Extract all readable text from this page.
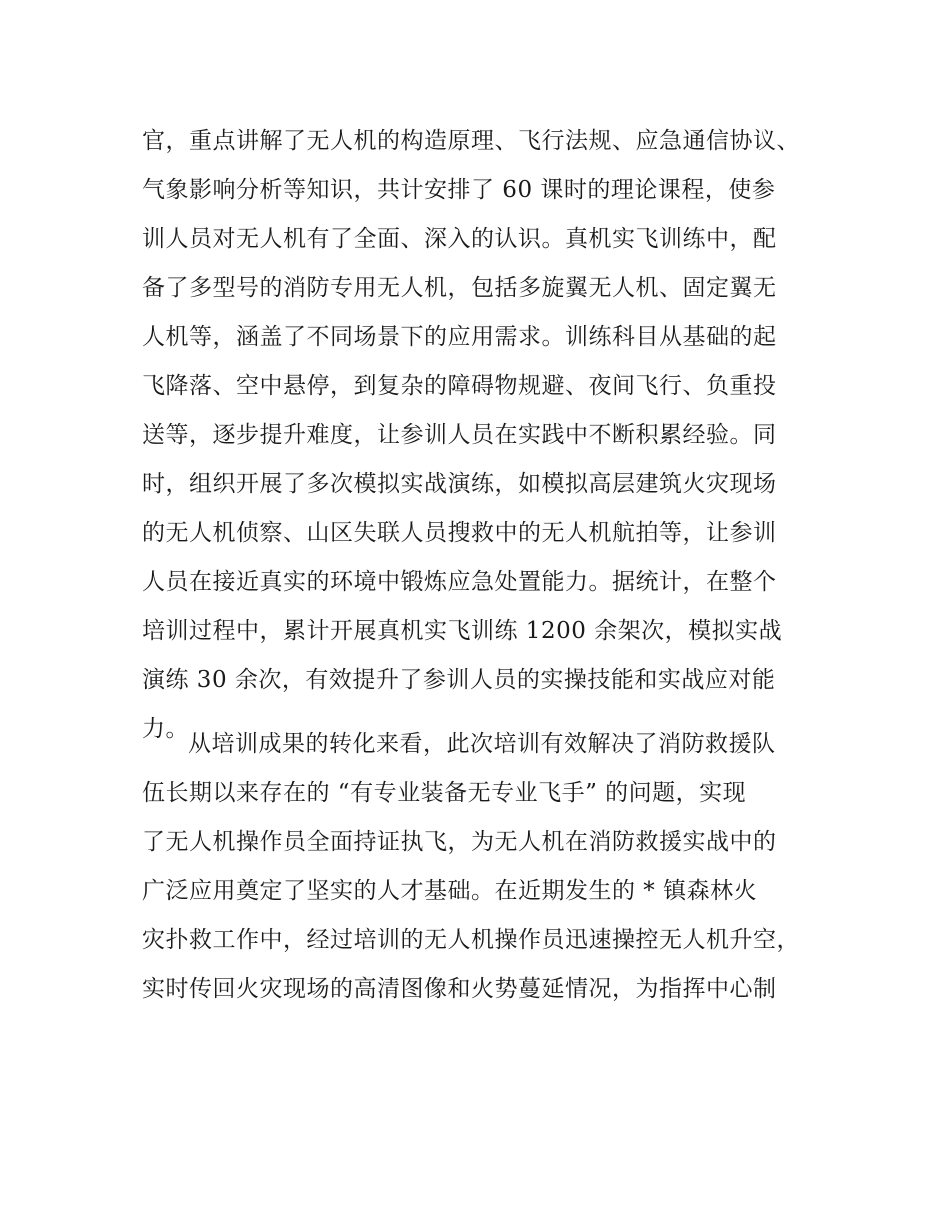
官，重点讲解了无人机的构造原理、飞行法规、应急通信协议、
气象影响分析等知识，共计安排了 60 课时的理论课程，使参
训人员对无人机有了全面、深入的认识。真机实飞训练中，配
备了多型号的消防专用无人机，包括多旋翼无人机、固定翼无
人机等，涵盖了不同场景下的应用需求。训练科目从基础的起
飞降落、空中悬停，到复杂的障碍物规避、夜间飞行、负重投
送等，逐步提升难度，让参训人员在实践中不断积累经验。同
时，组织开展了多次模拟实战演练，如模拟高层建筑火灾现场
的无人机侦察、山区失联人员搜救中的无人机航拍等，让参训
人员在接近真实的环境中锻炼应急处置能力。据统计，在整个
培训过程中，累计开展真机实飞训练 1200 余架次，模拟实战
演练 30 余次，有效提升了参训人员的实操技能和实战应对能
力。
从培训成果的转化来看，此次培训有效解决了消防救援队
伍长期以来存在的 “有专业装备无专业飞手” 的问题，实现
了无人机操作员全面持证执飞，为无人机在消防救援实战中的
广泛应用奠定了坚实的人才基础。在近期发生的 * 镇森林火
灾扑救工作中，经过培训的无人机操作员迅速操控无人机升空，
实时传回火灾现场的高清图像和火势蔓延情况，为指挥中心制
